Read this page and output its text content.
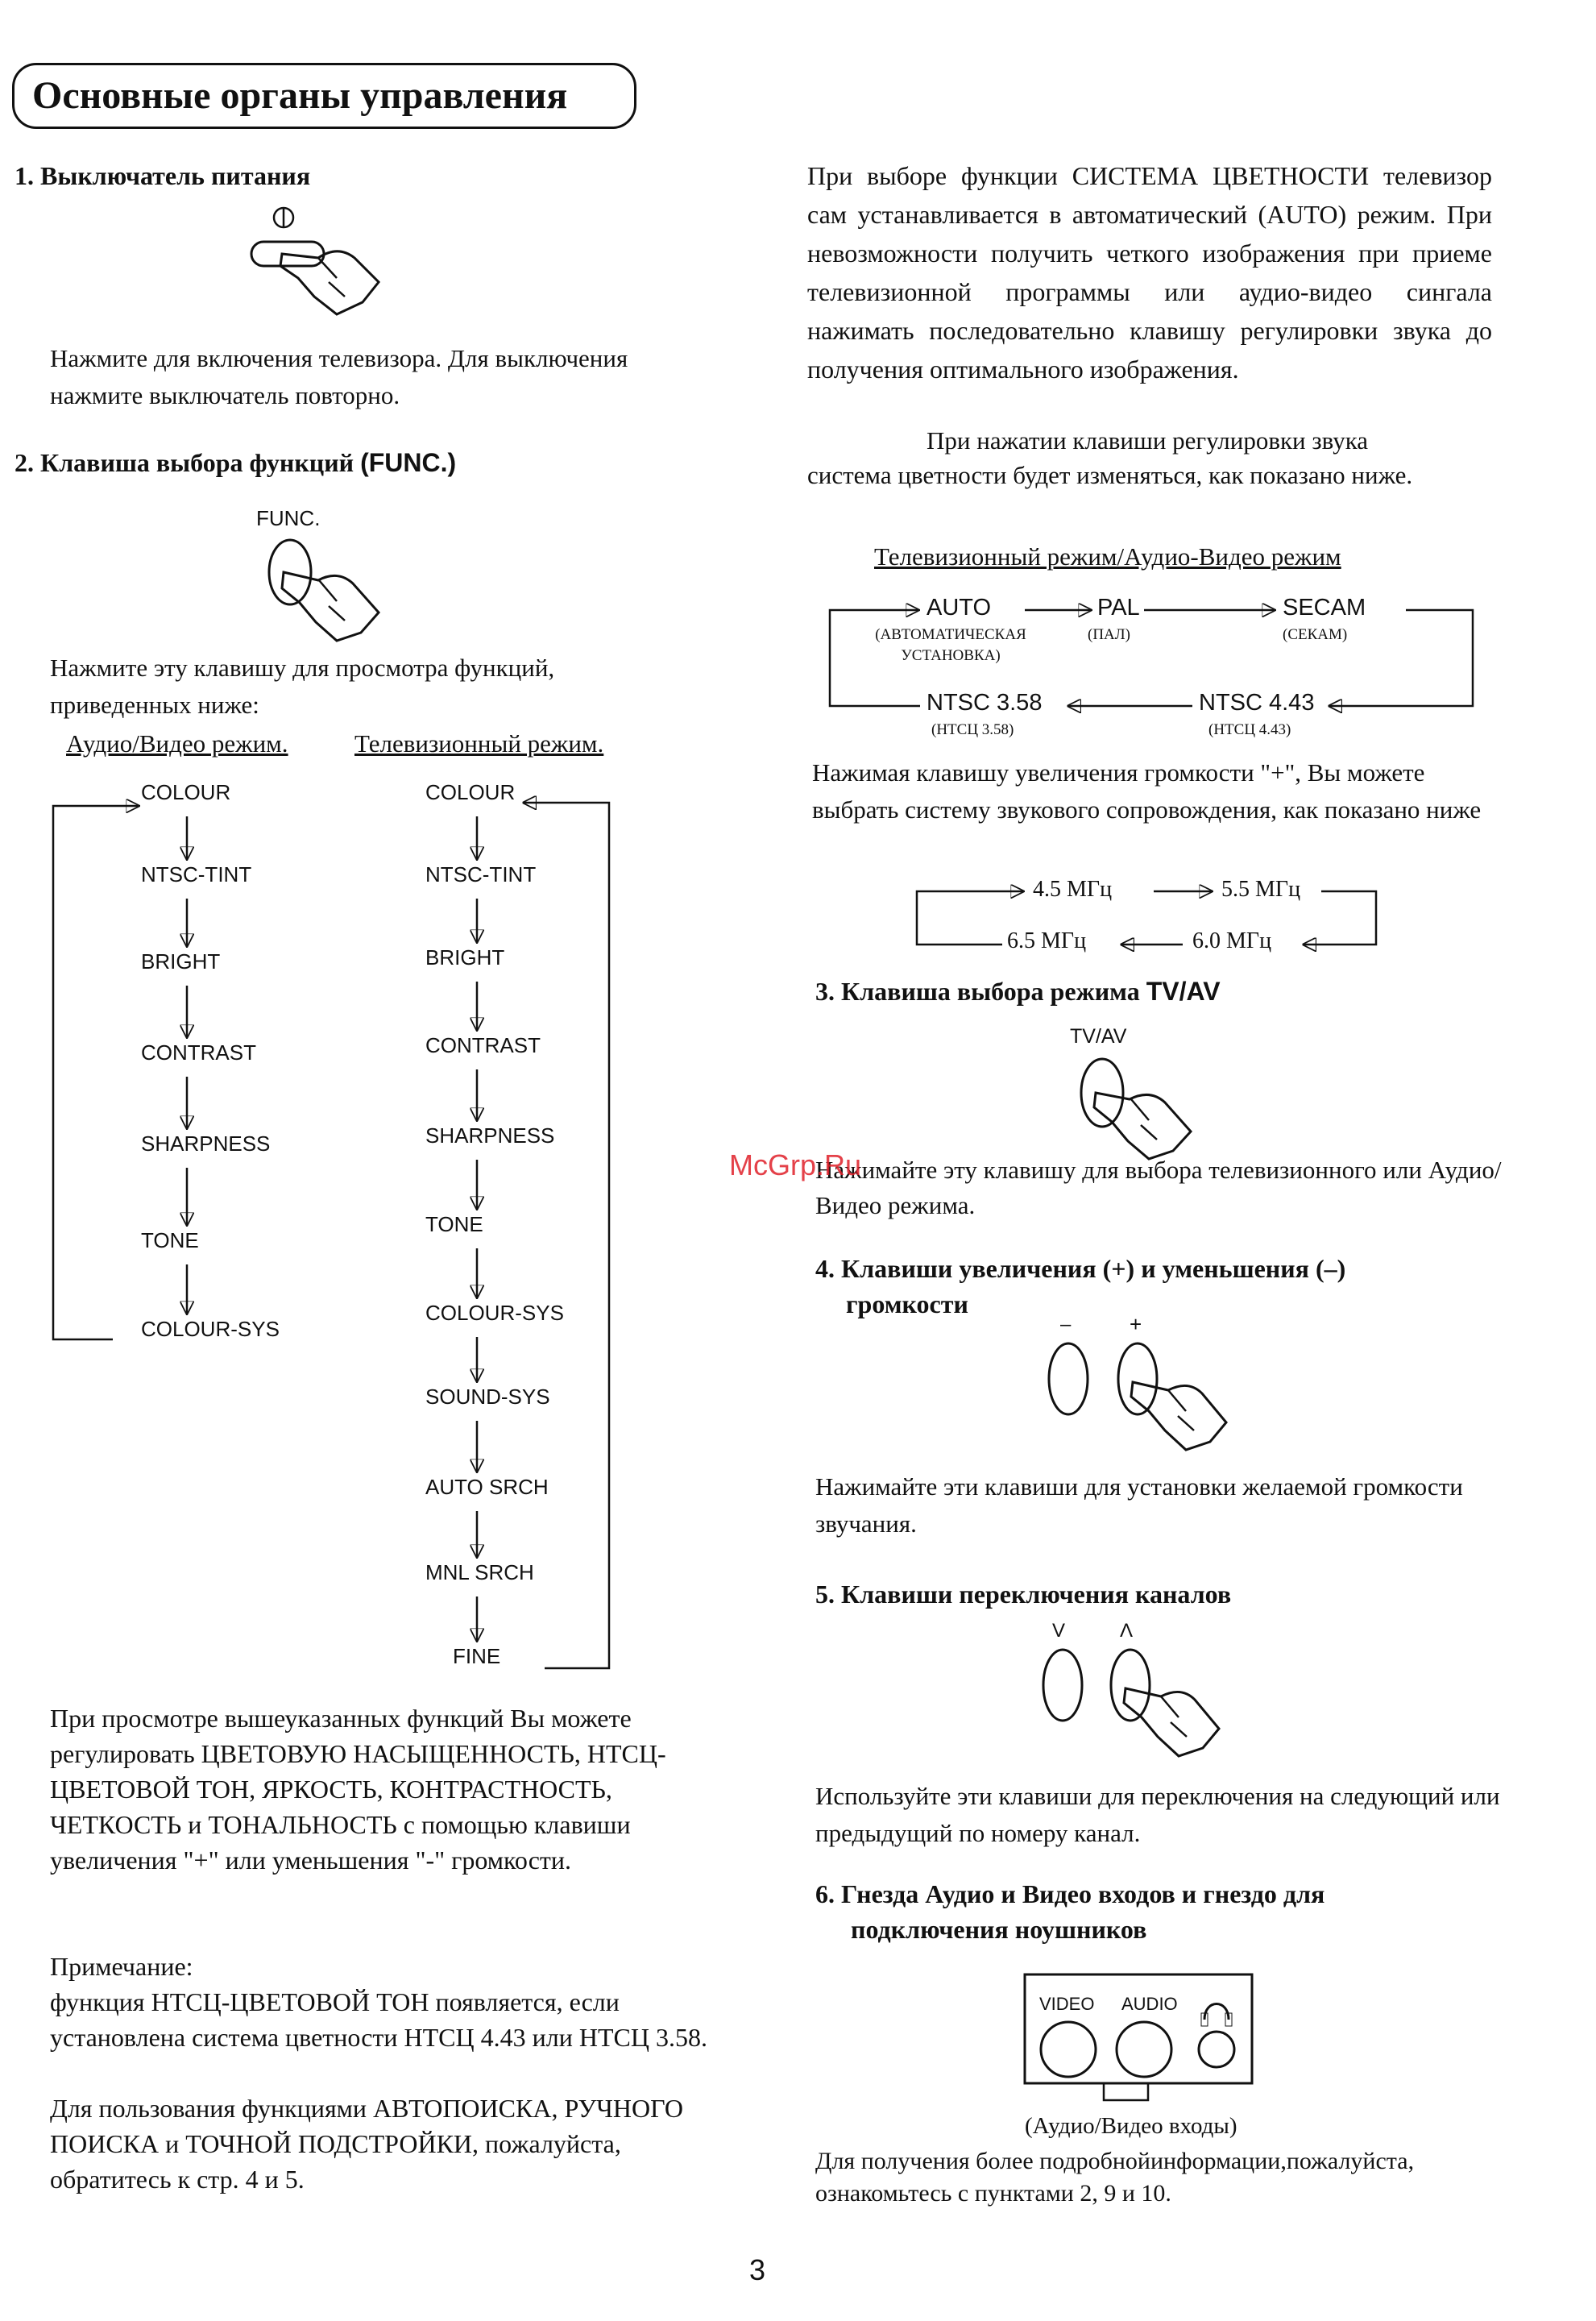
Основные органы управления
1. Выключатель питания
Нажмите для включения телевизора. Для выключения нажмите выключатель повторно.
2. Клавиша выбора функций (FUNC.)
FUNC.
Нажмите эту клавишу для просмотра функций, приведенных ниже:
Аудио/Видео режим.	Телевизионный режим.
COLOUR
NTSC-TINT
BRIGHT
CONTRAST
SHARPNESS
TONE
COLOUR-SYS
COLOUR
NTSC-TINT
BRIGHT
CONTRAST
SHARPNESS
TONE
COLOUR-SYS
SOUND-SYS
AUTO SRCH
MNL SRCH
FINE
При просмотре вышеуказанных функций Вы можете регулировать ЦВЕТОВУЮ НАСЫЩЕННОСТЬ, НТСЦ-ЦВЕТОВОЙ ТОН, ЯРКОСТЬ, КОНТРАСТНОСТЬ, ЧЕТКОСТЬ и ТОНАЛЬНОСТЬ с помощью клавиши увеличения "+" или уменьшения "-" громкости.
Примечание:
функция НТСЦ-ЦВЕТОВОЙ ТОН появляется, если установлена система цветности НТСЦ 4.43 или НТСЦ 3.58.
Для пользования функциями АВТОПОИСКА, РУЧНОГО ПОИСКА и ТОЧНОЙ ПОДСТРОЙКИ, пожалуйста, обратитесь к стр. 4 и 5.
При выборе функции СИСТЕМА ЦВЕТНОСТИ телевизор сам устанавливается в автоматический (AUTO) режим. При невозможности получить четкого изображения при приеме телевизионной программы или аудио-видео сингала нажимать последовательно клавишу регулировки звука до получения оптимального изображения.
При нажатии клавиши регулировки звука
система цветности будет изменяться, как показано ниже.
Телевизионный режим/Аудио-Видео режим
AUTO
(АВТОМАТИЧЕСКАЯ
УСТАНОВКА)
PAL
(ПАЛ)
SECAM
(СЕКАМ)
NTSC 4.43
(НТСЦ 4.43)
NTSC 3.58
(НТСЦ 3.58)
Нажимая клавишу увеличения громкости "+", Вы можете выбрать систему звукового сопровождения, как показано ниже
4.5 МГц	5.5 МГц
6.0 МГц
6.5 МГц
3. Клавиша выбора режима TV/AV
TV/AV
Нажимайте эту клавишу для выбора телевизионного или Аудио/ Видео режима.
4. Клавиши увеличения (+) и уменьшения (–)
громкости
–	+
Нажимайте эти клавиши для установки желаемой громкости звучания.
5. Клавиши переключения каналов
V	Λ
Используйте эти клавиши для переключения на следующий или предыдущий по номеру канал.
6. Гнезда Аудио и Видео входов и гнездо для
подключения ноушников
VIDEO AUDIO
(Аудио/Видео входы)
Для получения более подробнойинформации,пожалуйста, ознакомьтесь с пунктами 2, 9 и 10.
McGrp.Ru
3
